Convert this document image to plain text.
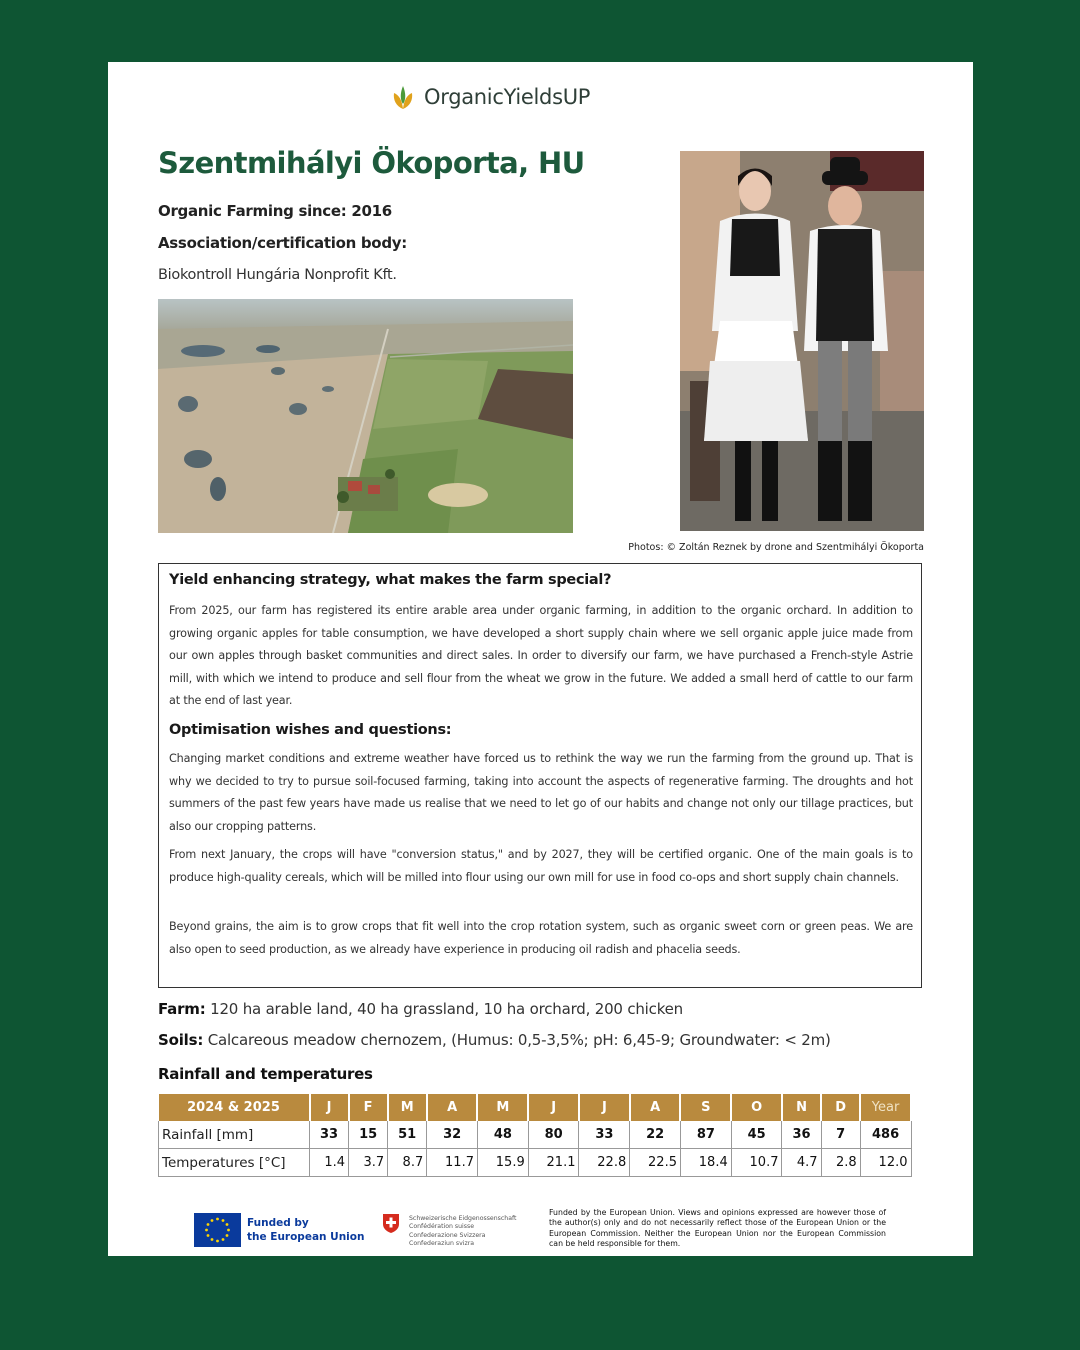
OrganicYieldsUP
Szentmihályi Ökoporta, HU
Organic Farming since: 2016
Association/certification body:
Biokontroll Hungária Nonprofit Kft.
Photos: © Zoltán Reznek by drone and Szentmihályi Ökoporta
Yield enhancing strategy, what makes the farm special?
From 2025, our farm has registered its entire arable area under organic farming, in addition to the organic orchard. In addition to growing organic apples for table consumption, we have developed a short supply chain where we sell organic apple juice made from our own apples through basket communities and direct sales. In order to diversify our farm, we have purchased a French-style Astrie mill, with which we intend to produce and sell flour from the wheat we grow in the future. We added a small herd of cattle to our farm at the end of last year.
Optimisation wishes and questions:
Changing market conditions and extreme weather have forced us to rethink the way we run the farming from the ground up. That is why we decided to try to pursue soil-focused farming, taking into account the aspects of regenerative farming. The droughts and hot summers of the past few years have made us realise that we need to let go of our habits and change not only our tillage practices, but also our cropping patterns.
From next January, the crops will have "conversion status," and by 2027, they will be certified organic. One of the main goals is to produce high-quality cereals, which will be milled into flour using our own mill for use in food co-ops and short supply chain channels.
Beyond grains, the aim is to grow crops that fit well into the crop rotation system, such as organic sweet corn or green peas. We are also open to seed production, as we already have experience in producing oil radish and phacelia seeds.
Farm: 120 ha arable land, 40 ha grassland, 10 ha orchard, 200 chicken
Soils: Calcareous meadow chernozem, (Humus: 0,5-3,5%; pH: 6,45-9; Groundwater: < 2m)
Rainfall and temperatures
2024 & 2025	J	F	M	A	M	J	J	A	S	O	N	D	Year
Rainfall [mm]	33	15	51	32	48	80	33	22	87	45	36	7	486
Temperatures [°C]	1.4	3.7	8.7	11.7	15.9	21.1	22.8	22.5	18.4	10.7	4.7	2.8	12.0
Funded by
the European Union
Schweizerische Eidgenossenschaft
Confédération suisse
Confederazione Svizzera
Confederaziun svizra
Funded by the European Union. Views and opinions expressed are however those of the author(s) only and do not necessarily reflect those of the European Union or the European Commission. Neither the European Union nor the European Commission can be held responsible for them.
